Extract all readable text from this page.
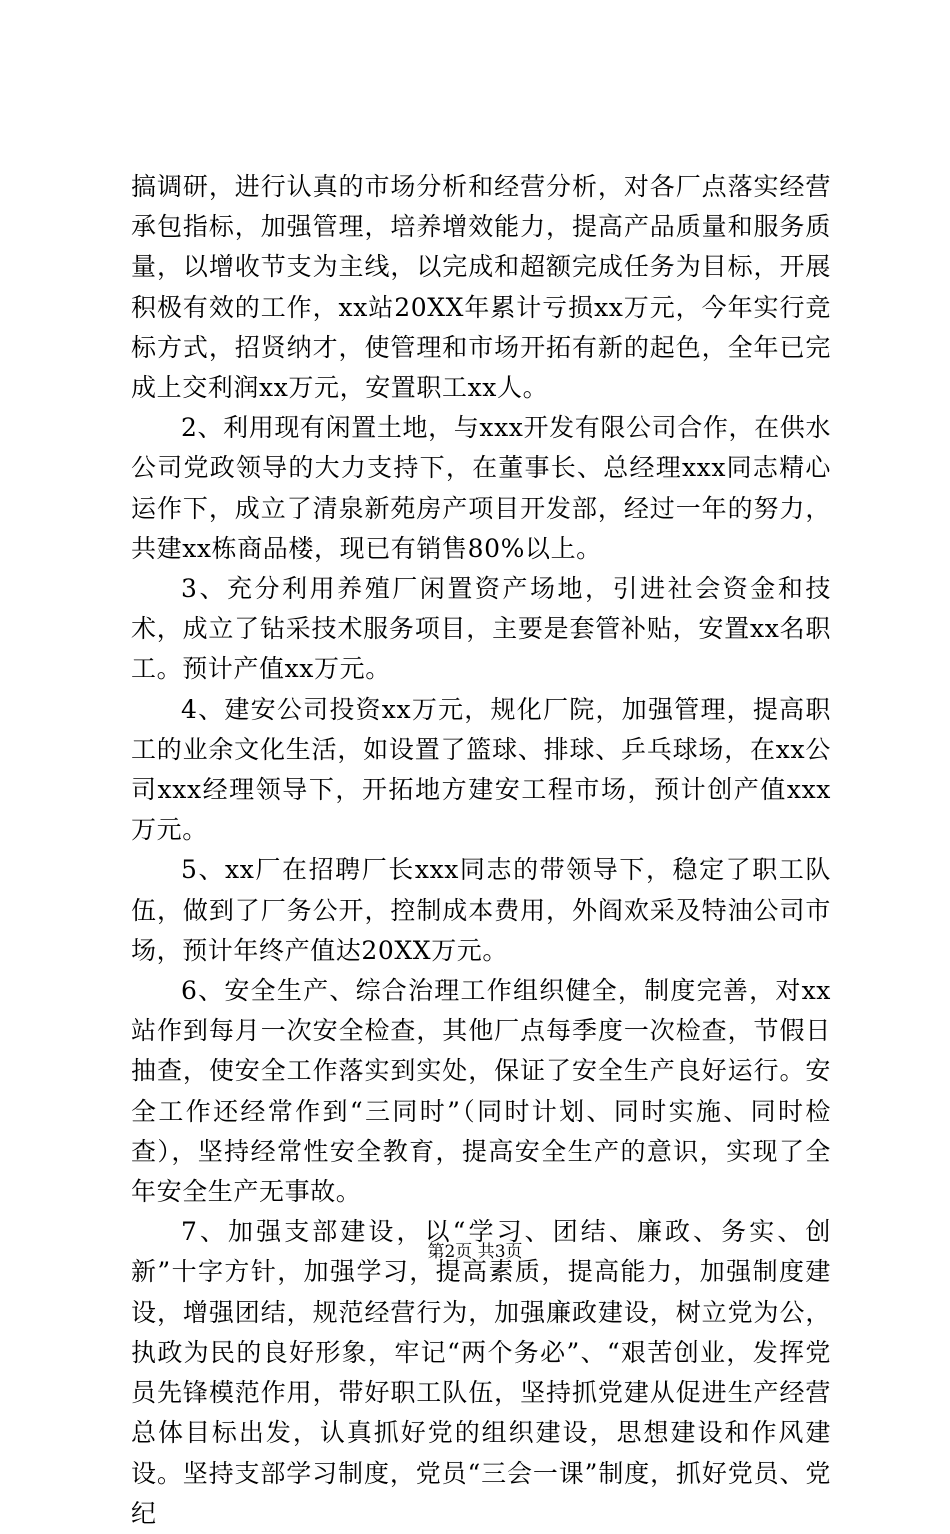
搞调研，进行认真的市场分析和经营分析，对各厂点落实经营承包指标，加强管理，培养增效能力，提高产品质量和服务质量，以增收节支为主线，以完成和超额完成任务为目标，开展积极有效的工作，xx站20XX年累计亏损xx万元，今年实行竞标方式，招贤纳才，使管理和市场开拓有新的起色，全年已完成上交利润xx万元，安置职工xx人。

2、利用现有闲置土地，与xxx开发有限公司合作，在供水公司党政领导的大力支持下，在董事长、总经理xxx同志精心运作下，成立了清泉新苑房产项目开发部，经过一年的努力，共建xx栋商品楼，现已有销售80%以上。

3、充分利用养殖厂闲置资产场地，引进社会资金和技术，成立了钻采技术服务项目，主要是套管补贴，安置xx名职工。预计产值xx万元。

4、建安公司投资xx万元，规化厂院，加强管理，提高职工的业余文化生活，如设置了篮球、排球、乒乓球场，在xx公司xxx经理领导下，开拓地方建安工程市场，预计创产值xxx万元。

5、xx厂在招聘厂长xxx同志的带领导下，稳定了职工队伍，做到了厂务公开，控制成本费用，外阎欢采及特油公司市场，预计年终产值达20XX万元。

6、安全生产、综合治理工作组织健全，制度完善，对xx站作到每月一次安全检查，其他厂点每季度一次检查，节假日抽查，使安全工作落实到实处，保证了安全生产良好运行。安全工作还经常作到“三同时”（同时计划、同时实施、同时检查），坚持经常性安全教育，提高安全生产的意识，实现了全年安全生产无事故。

7、加强支部建设，以“学习、团结、廉政、务实、创新”十字方针，加强学习，提高素质，提高能力，加强制度建设，增强团结，规范经营行为，加强廉政建设，树立党为公，执政为民的良好形象，牢记“两个务必”、“艰苦创业，发挥党员先锋模范作用，带好职工队伍，坚持抓党建从促进生产经营总体目标出发，认真抓好党的组织建设，思想建设和作风建设。坚持支部学习制度，党员“三会一课”制度，抓好党员、党纪

第2页 共3页
